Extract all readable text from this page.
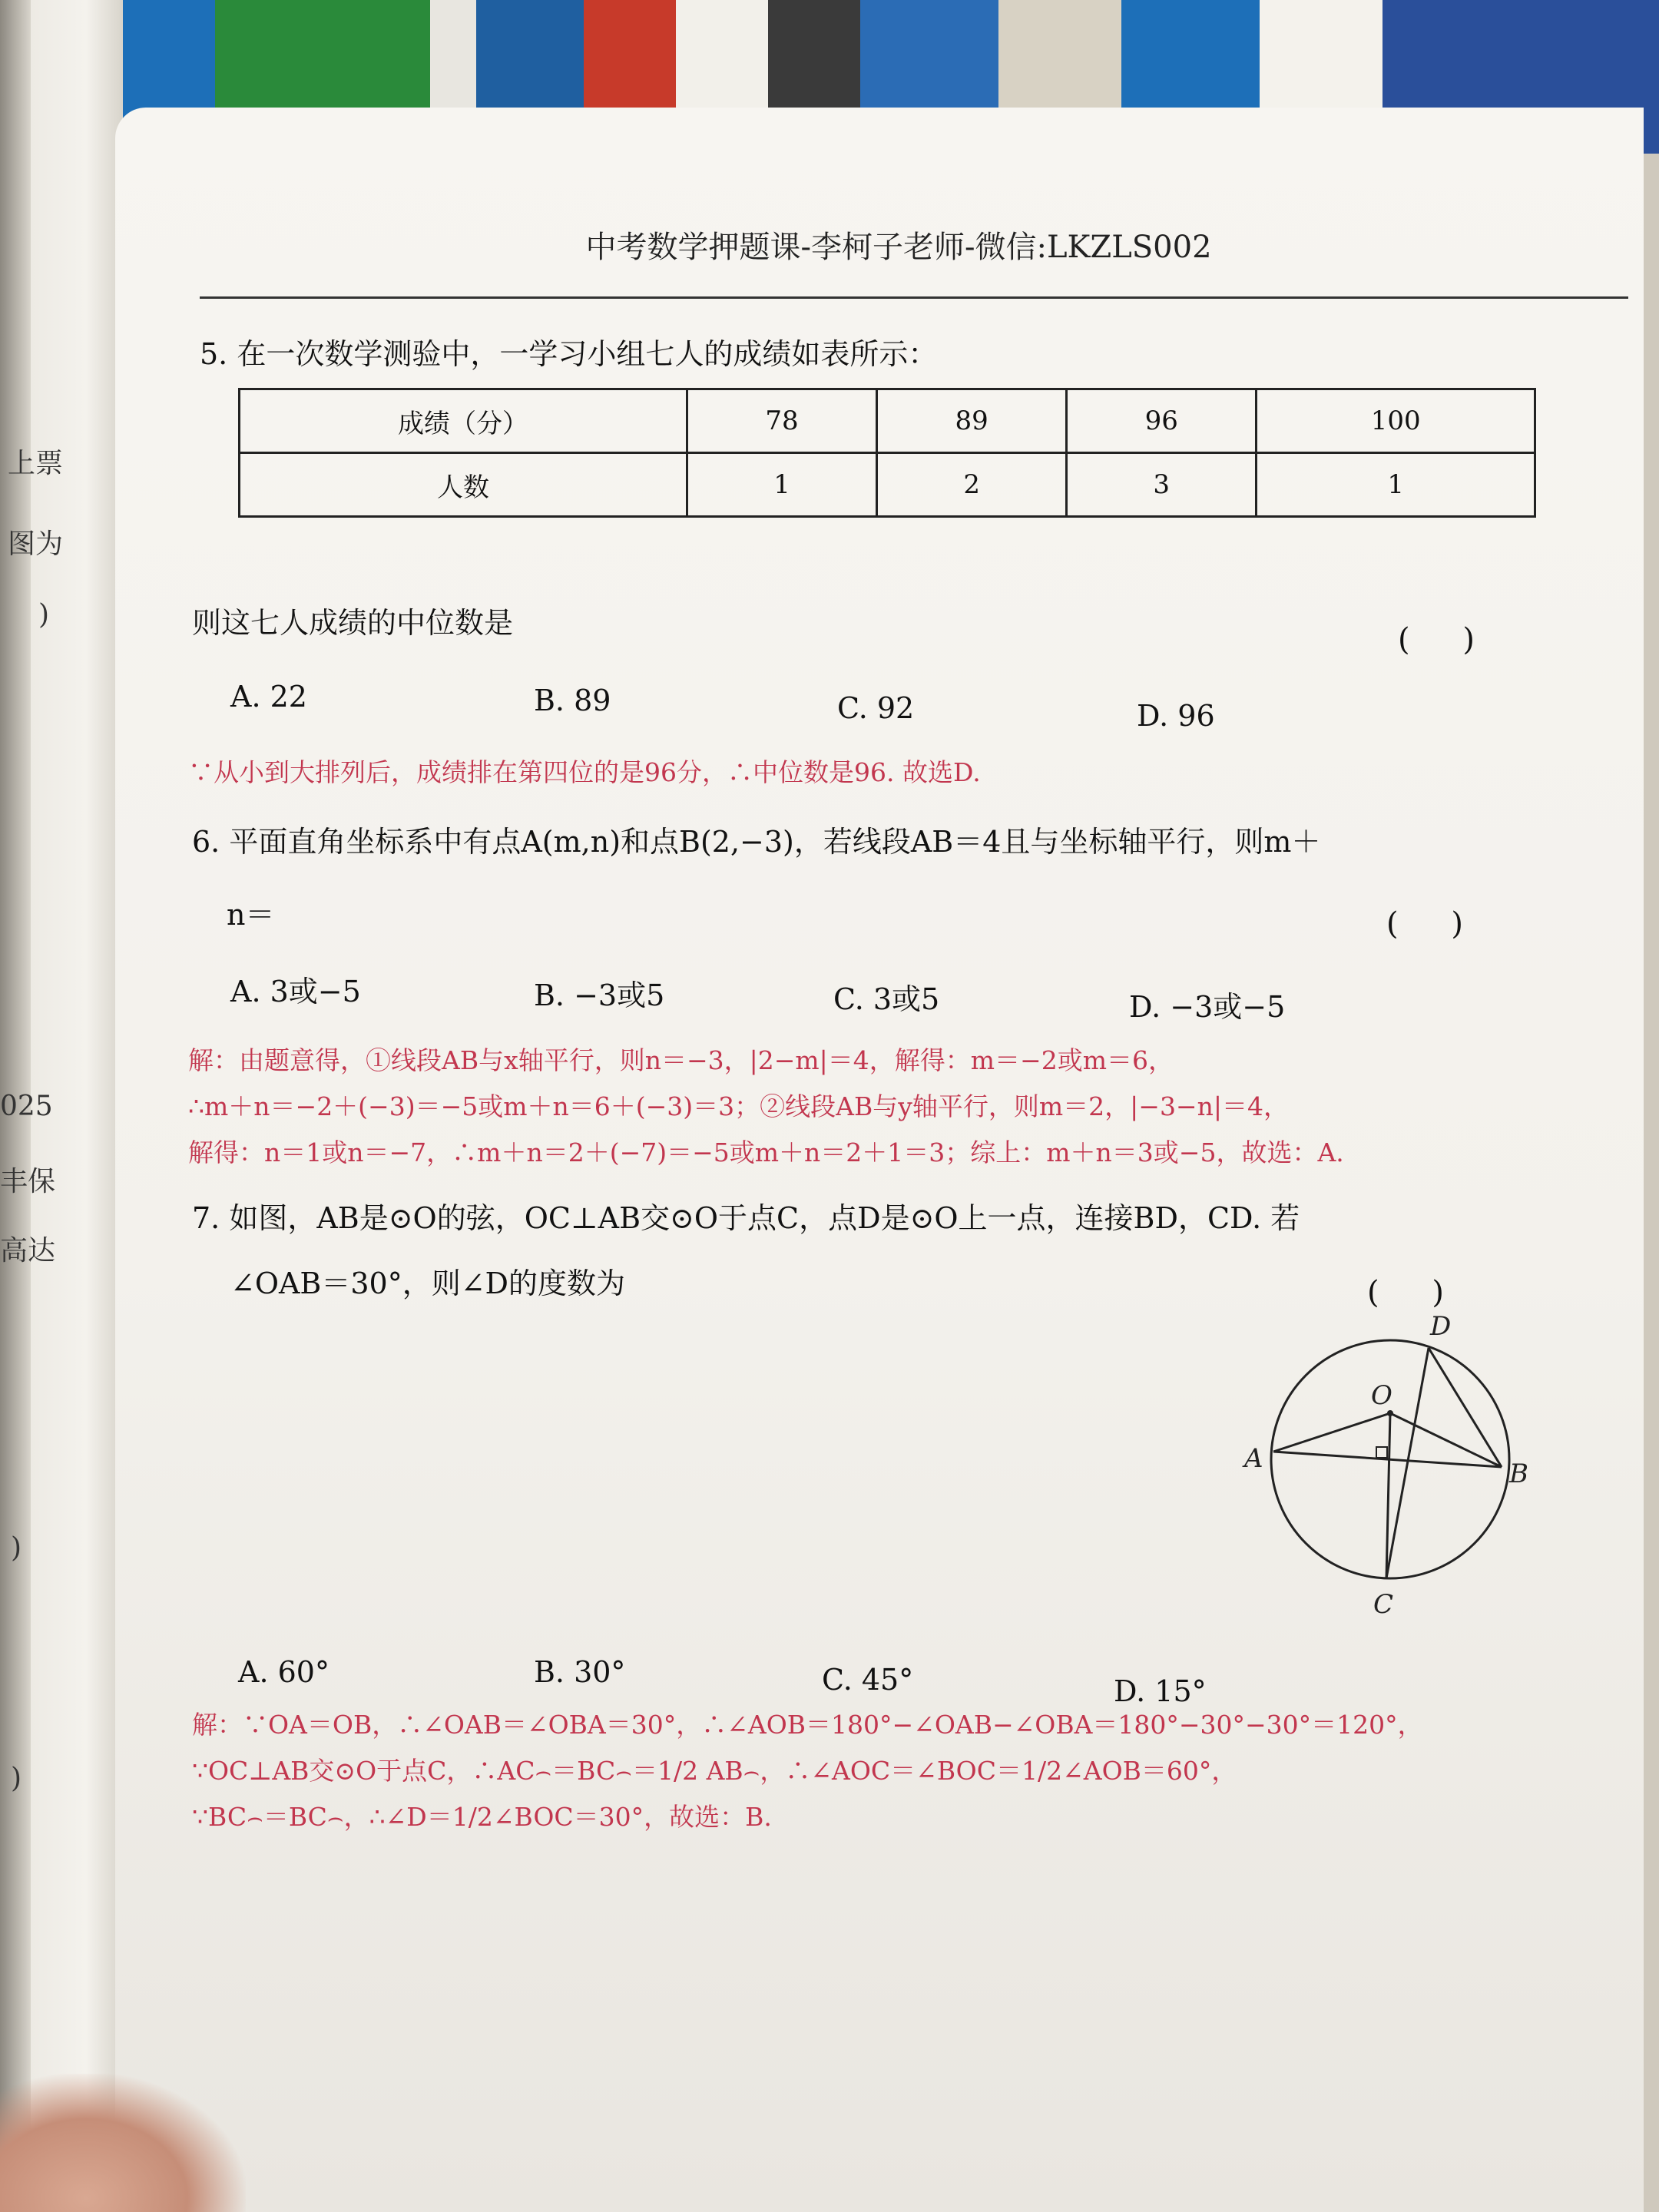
上票
图为
)
025
丰保
高达
)
)
中考数学押题课-李柯子老师-微信:LKZLS002
5. 在一次数学测验中，一学习小组七人的成绩如表所示：
成绩（分）	78	89	96	100
人数	1	2	3	1
则这七人成绩的中位数是	( )
A. 22	B. 89	C. 92	D. 96
∵从小到大排列后，成绩排在第四位的是96分，∴中位数是96. 故选D.
6. 平面直角坐标系中有点A(m,n)和点B(2,−3)，若线段AB＝4且与坐标轴平行，则m＋
n＝	( )
A. 3或−5	B. −3或5	C. 3或5	D. −3或−5
解：由题意得，①线段AB与x轴平行，则n＝−3，|2−m|＝4，解得：m＝−2或m＝6，
∴m＋n＝−2＋(−3)＝−5或m＋n＝6＋(−3)＝3；②线段AB与y轴平行，则m＝2，|−3−n|＝4，
解得：n＝1或n＝−7，∴m＋n＝2＋(−7)＝−5或m＋n＝2＋1＝3；综上：m＋n＝3或−5，故选：A.
7. 如图，AB是⊙O的弦，OC⊥AB交⊙O于点C，点D是⊙O上一点，连接BD，CD. 若
∠OAB＝30°，则∠D的度数为	( )
D
O
A	B
C
A. 60°	B. 30°	C. 45°	D. 15°
解：∵OA＝OB，∴∠OAB＝∠OBA＝30°，∴∠AOB＝180°−∠OAB−∠OBA＝180°−30°−30°＝120°，
∵OC⊥AB交⊙O于点C，∴AC⌢＝BC⌢＝1/2 AB⌢，∴∠AOC＝∠BOC＝1/2∠AOB＝60°，
∵BC⌢＝BC⌢，∴∠D＝1/2∠BOC＝30°，故选：B.
